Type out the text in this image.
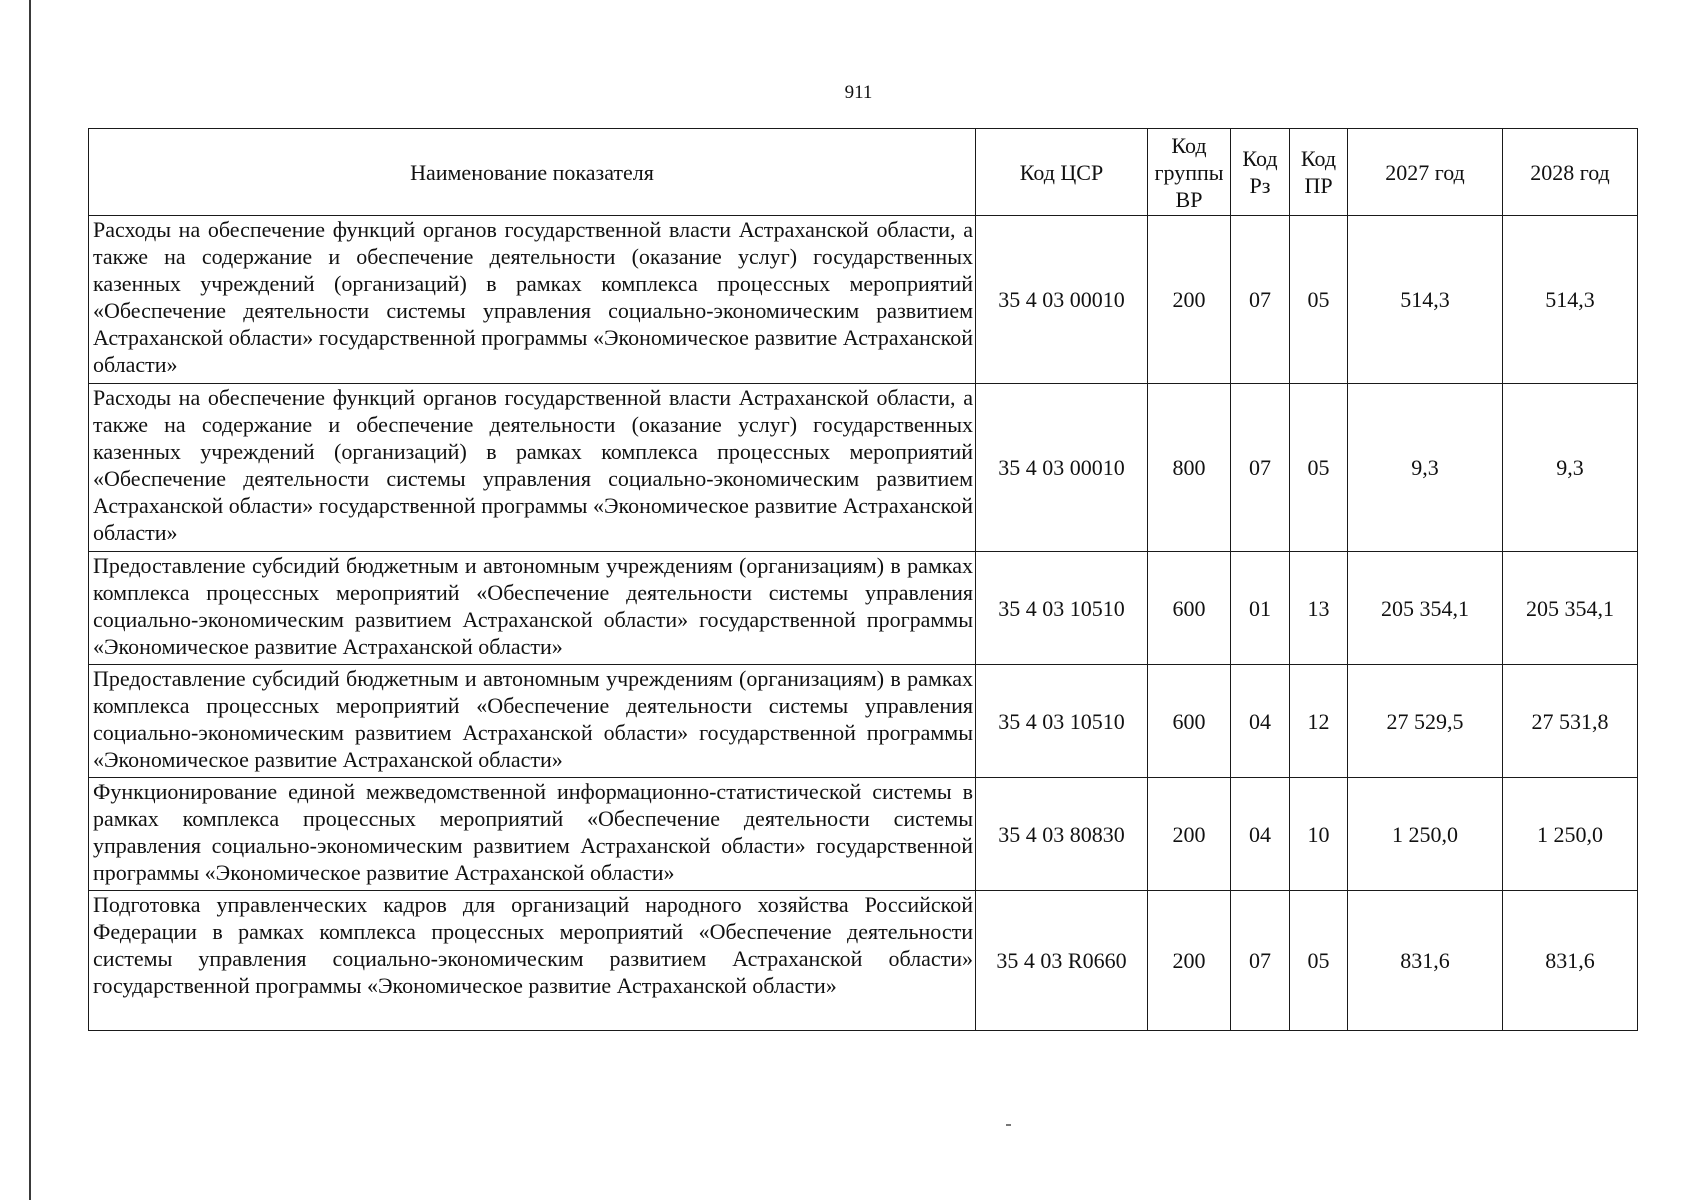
911
Наименование показателя	Код ЦСР	Код группы ВР	Код Рз	Код ПР	2027 год	2028 год
Расходы на обеспечение функций органов государственной власти Астраханской области, а также на содержание и обеспечение деятельности (оказание услуг) государственных казенных учреждений (организаций) в рамках комплекса процессных мероприятий «Обеспечение деятельности системы управления социально-экономическим развитием Астраханской области» государственной программы «Экономическое развитие Астраханской области»	35 4 03 00010	200	07	05	514,3	514,3
Расходы на обеспечение функций органов государственной власти Астраханской области, а также на содержание и обеспечение деятельности (оказание услуг) государственных казенных учреждений (организаций) в рамках комплекса процессных мероприятий «Обеспечение деятельности системы управления социально-экономическим развитием Астраханской области» государственной программы «Экономическое развитие Астраханской области»	35 4 03 00010	800	07	05	9,3	9,3
Предоставление субсидий бюджетным и автономным учреждениям (организациям) в рамках комплекса процессных мероприятий «Обеспечение деятельности системы управления социально-экономическим развитием Астраханской области» государственной программы «Экономическое развитие Астраханской области»	35 4 03 10510	600	01	13	205 354,1	205 354,1
Предоставление субсидий бюджетным и автономным учреждениям (организациям) в рамках комплекса процессных мероприятий «Обеспечение деятельности системы управления социально-экономическим развитием Астраханской области» государственной программы «Экономическое развитие Астраханской области»	35 4 03 10510	600	04	12	27 529,5	27 531,8
Функционирование единой межведомственной информационно-статистической системы в рамках комплекса процессных мероприятий «Обеспечение деятельности системы управления социально-экономическим развитием Астраханской области» государственной программы «Экономическое развитие Астраханской области»	35 4 03 80830	200	04	10	1 250,0	1 250,0
Подготовка управленческих кадров для организаций народного хозяйства Российской Федерации в рамках комплекса процессных мероприятий «Обеспечение деятельности системы управления социально-экономическим развитием Астраханской области» государственной программы «Экономическое развитие Астраханской области»	35 4 03 R0660	200	07	05	831,6	831,6
